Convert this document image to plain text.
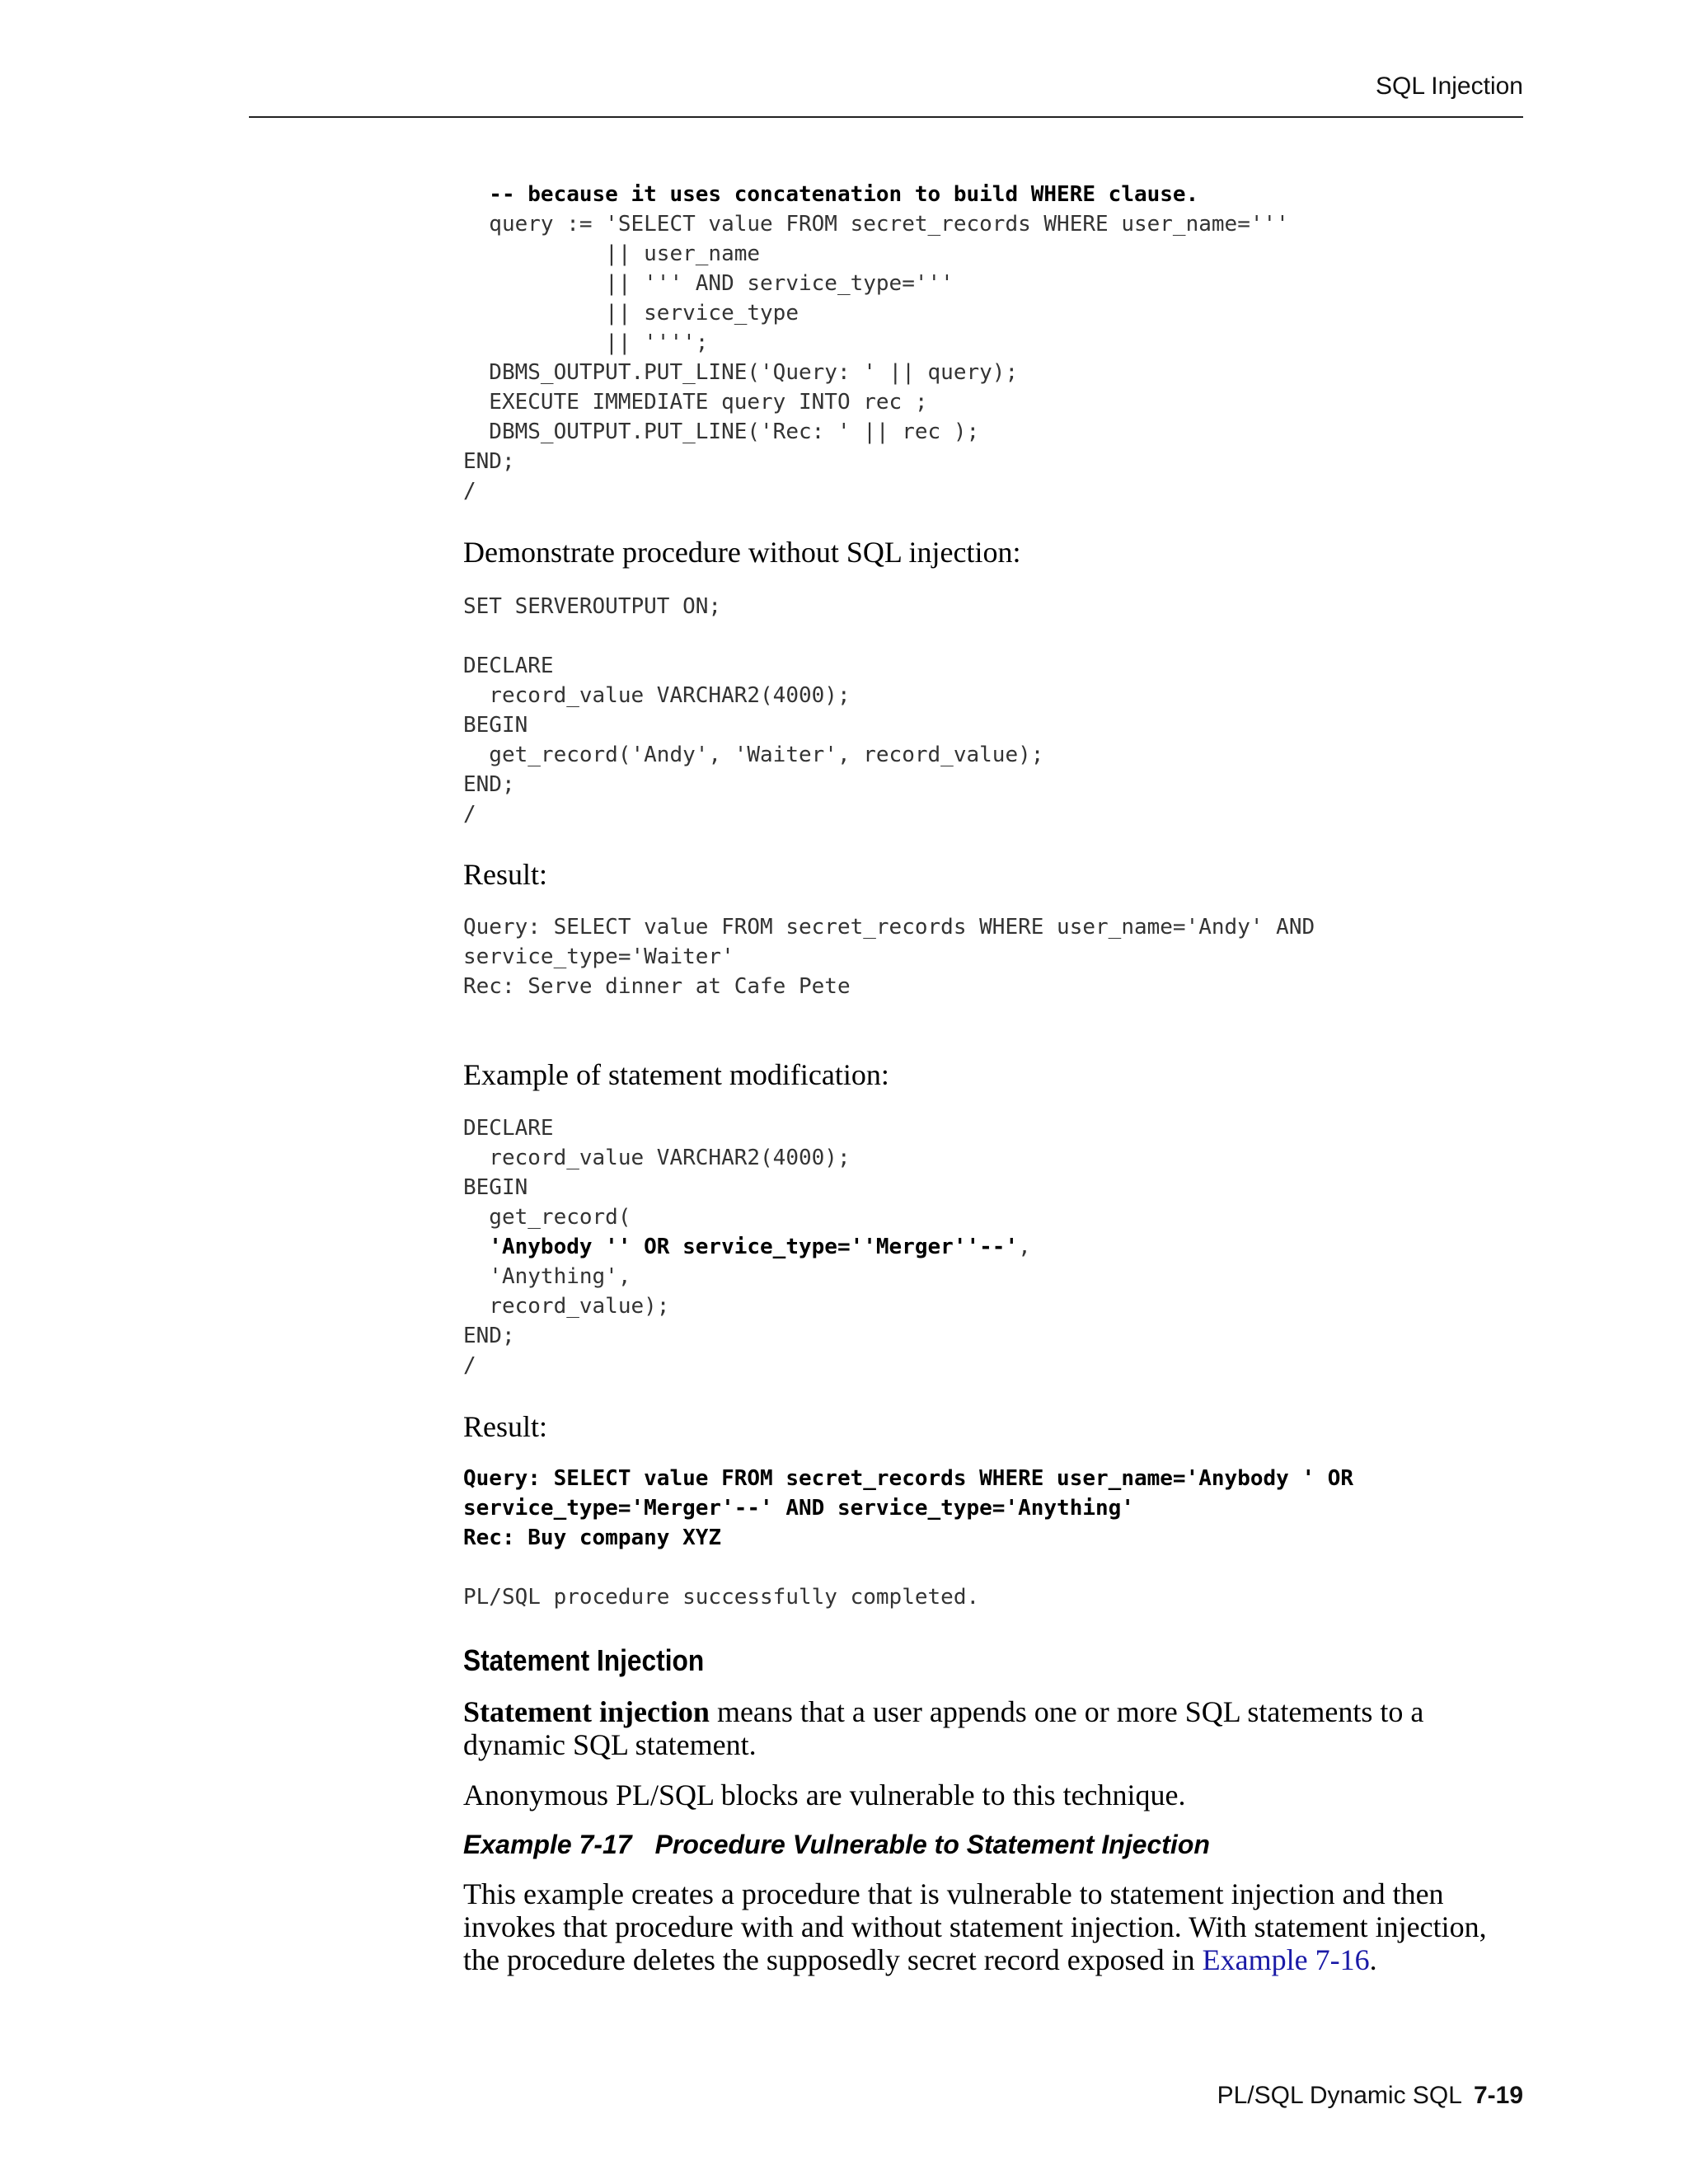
SQL Injection
-- because it uses concatenation to build WHERE clause.
query := 'SELECT value FROM secret_records WHERE user_name='''
|| user_name
|| ''' AND service_type='''
|| service_type
|| '''';
DBMS_OUTPUT.PUT_LINE('Query: ' || query);
EXECUTE IMMEDIATE query INTO rec ;
DBMS_OUTPUT.PUT_LINE('Rec: ' || rec );
END;
/

Demonstrate procedure without SQL injection:

SET SERVEROUTPUT ON;

DECLARE
record_value VARCHAR2(4000);
BEGIN
get_record('Andy', 'Waiter', record_value);
END;
/

Result:

Query: SELECT value FROM secret_records WHERE user_name='Andy' AND
service_type='Waiter'
Rec: Serve dinner at Cafe Pete

Example of statement modification:

DECLARE
record_value VARCHAR2(4000);
BEGIN
get_record(
'Anybody '' OR service_type=''Merger''--',
'Anything',
record_value);
END;
/

Result:

Query: SELECT value FROM secret_records WHERE user_name='Anybody ' OR
service_type='Merger'--' AND service_type='Anything'
Rec: Buy company XYZ

PL/SQL procedure successfully completed.
Statement Injection

Statement injection means that a user appends one or more SQL statements to a dynamic SQL statement.

Anonymous PL/SQL blocks are vulnerable to this technique.

Example 7-17 Procedure Vulnerable to Statement Injection

This example creates a procedure that is vulnerable to statement injection and then invokes that procedure with and without statement injection. With statement injection, the procedure deletes the supposedly secret record exposed in Example 7-16.

PL/SQL Dynamic SQL 7-19
